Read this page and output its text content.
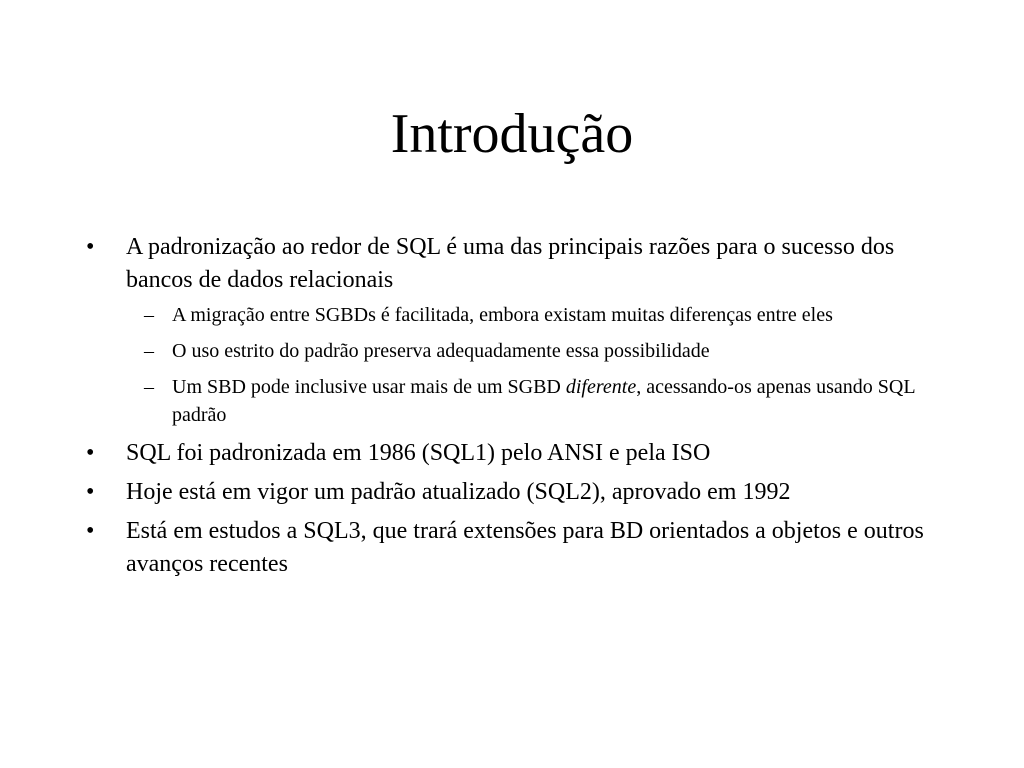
Introdução
• A padronização ao redor de SQL é uma das principais razões para o sucesso dos bancos de dados relacionais
– A migração entre SGBDs é facilitada, embora existam muitas diferenças entre eles
– O uso estrito do padrão preserva adequadamente essa possibilidade
– Um SBD pode inclusive usar mais de um SGBD diferente, acessando-os apenas usando SQL padrão
• SQL foi padronizada em 1986 (SQL1) pelo ANSI e pela ISO
• Hoje está em vigor um padrão atualizado (SQL2), aprovado em 1992
• Está em estudos a SQL3, que trará extensões para BD orientados a objetos e outros avanços recentes
